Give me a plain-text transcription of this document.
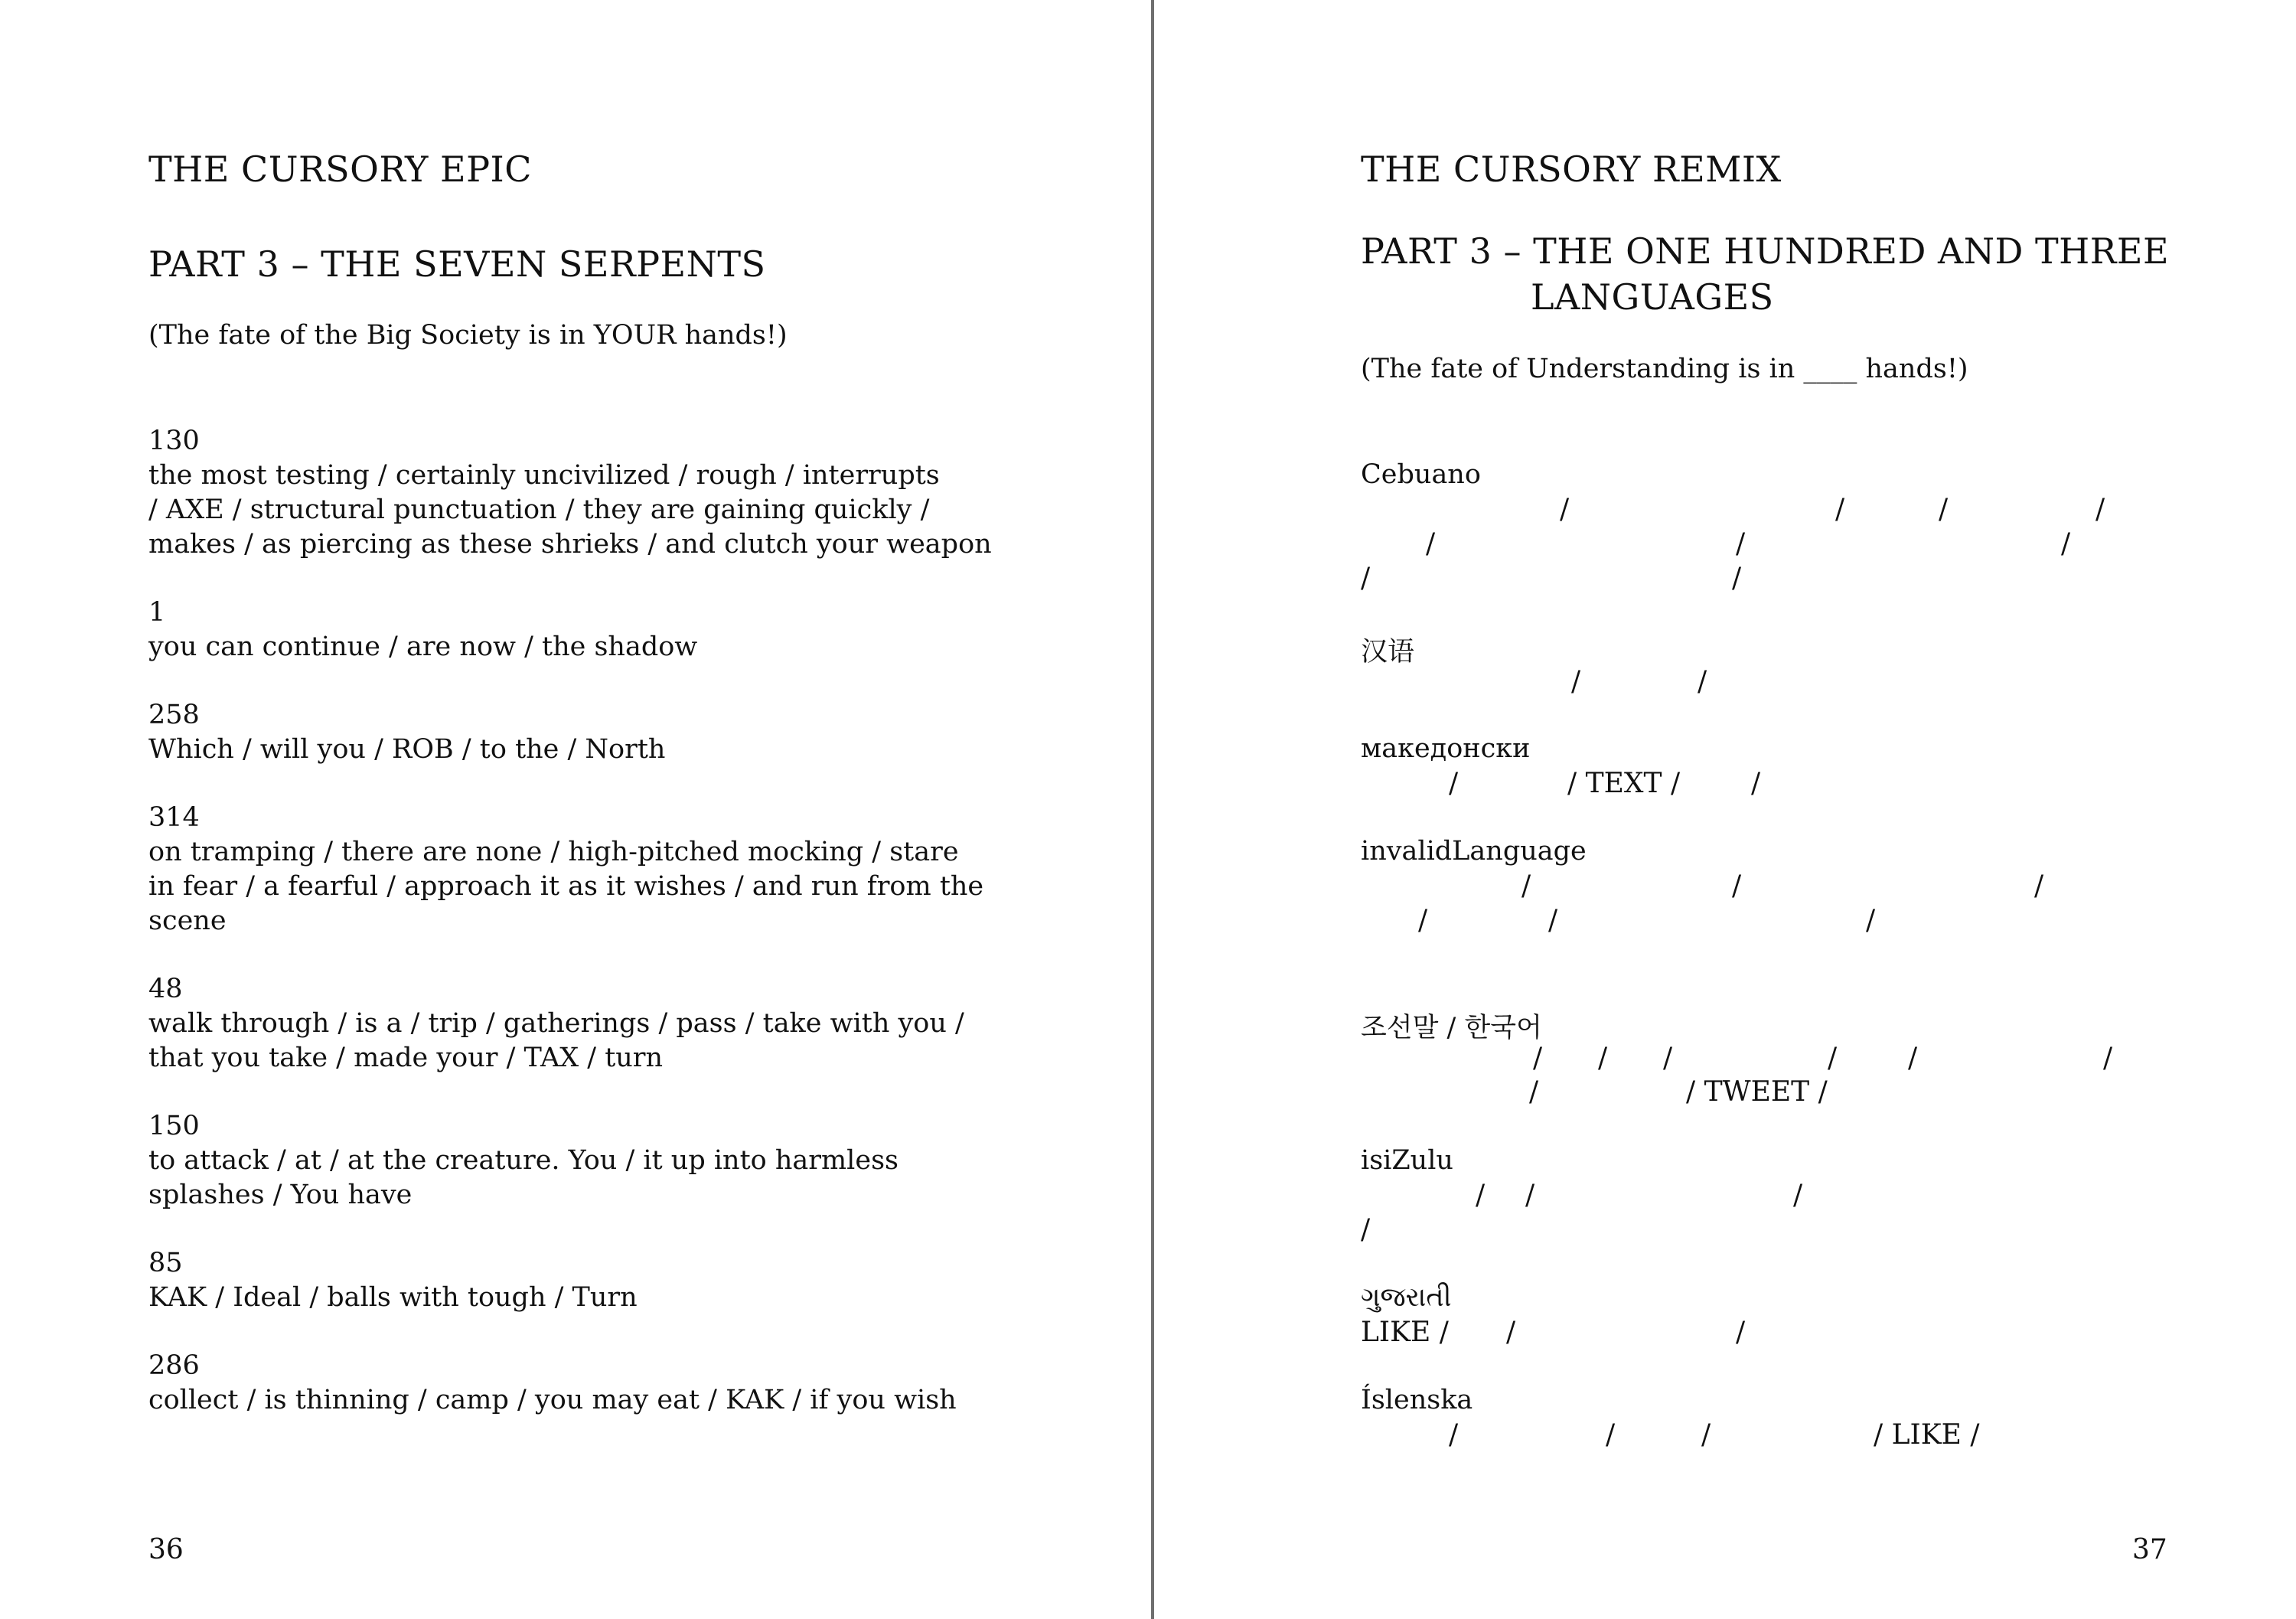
THE CURSORY EPIC
PART 3 – THE SEVEN SERPENTS
(The fate of the Big Society is in YOUR hands!)
130
the most testing / certainly uncivilized / rough / interrupts
/ AXE / structural punctuation / they are gaining quickly /
makes / as piercing as these shrieks / and clutch your weapon
1
you can continue / are now / the shadow
258
Which / will you / ROB / to the / North
314
on tramping / there are none / high-pitched mocking / stare
in fear / a fearful / approach it as it wishes / and run from the
scene
48
walk through / is a / trip / gatherings / pass / take with you /
that you take / made your / TAX / turn
150
to attack / at / at the creature. You / it up into harmless
splashes / You have
85
KAK / Ideal / balls with tough / Turn
286
collect / is thinning / camp / you may eat / KAK / if you wish
36
THE CURSORY REMIX
PART 3 – THE ONE HUNDRED AND THREE
LANGUAGES
(The fate of Understanding is in ____ hands!)
Cebuano
/	/	/	/
/	/	/
/	/
汉语
/	/
македонски
/	/ TEXT /	/
invalidLanguage
/	/	/
/	/	/
조선말 / 한국어
/ / /	/	/	/
/	/ TWEET /
isiZulu
/ /	/
/
ગુજરાતી
LIKE / /	/
Íslenska
/	/	/	/ LIKE /
37
